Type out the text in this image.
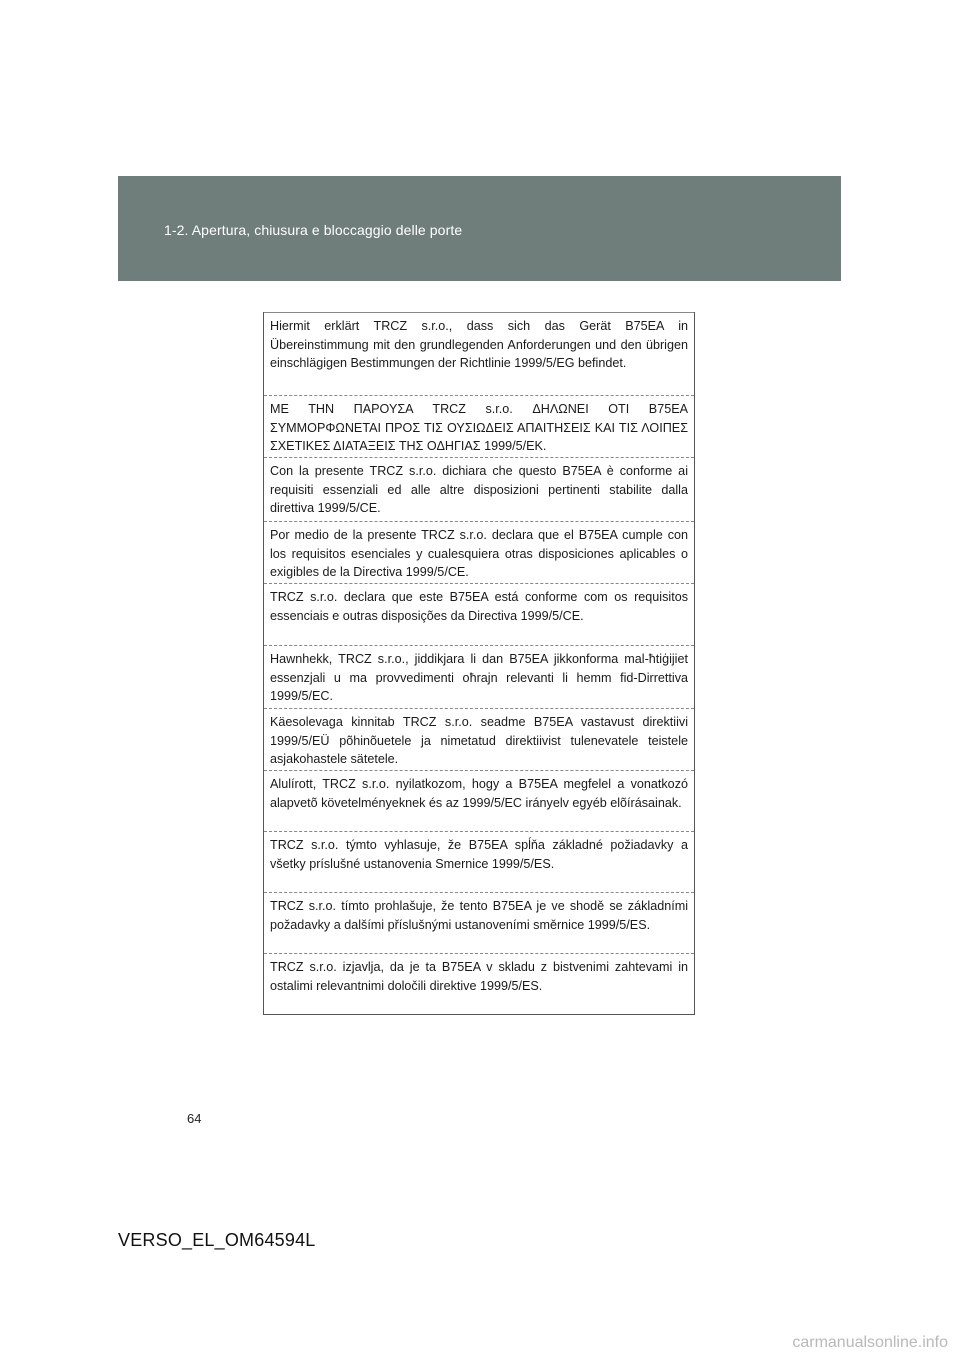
1-2. Apertura, chiusura e bloccaggio delle porte

Hiermit erklärt TRCZ s.r.o., dass sich das Gerät B75EA in Übereinstimmung mit den grundlegenden Anforderungen und den übrigen einschlägigen Bestimmungen der Richtlinie 1999/5/EG befindet.

ΜΕ ΤΗΝ ΠΑΡΟΥΣΑ TRCZ s.r.o. ΔΗΛΩΝΕΙ ΟΤΙ B75EA ΣΥΜΜΟΡΦΩΝΕΤΑΙ ΠΡΟΣ ΤΙΣ ΟΥΣΙΩΔΕΙΣ ΑΠΑΙΤΗΣΕΙΣ ΚΑΙ ΤΙΣ ΛΟΙΠΕΣ ΣΧΕΤΙΚΕΣ ΔΙΑΤΑΞΕΙΣ ΤΗΣ ΟΔΗΓΙΑΣ 1999/5/ΕΚ.

Con la presente TRCZ s.r.o. dichiara che questo B75EA è conforme ai requisiti essenziali ed alle altre disposizioni pertinenti stabilite dalla direttiva 1999/5/CE.

Por medio de la presente TRCZ s.r.o. declara que el B75EA cumple con los requisitos esenciales y cualesquiera otras disposiciones aplicables o exigibles de la Directiva 1999/5/CE.

TRCZ s.r.o. declara que este B75EA está conforme com os requisitos essenciais e outras disposições da Directiva 1999/5/CE.

Hawnhekk, TRCZ s.r.o., jiddikjara li dan B75EA jikkonforma mal-ħtiġijiet essenzjali u ma provvedimenti oħrajn relevanti li hemm fid-Dirrettiva 1999/5/EC.

Käesolevaga kinnitab TRCZ s.r.o. seadme B75EA vastavust direktiivi 1999/5/EÜ põhinõuetele ja nimetatud direktiivist tulenevatele teistele asjakohastele sätetele.

Alulírott, TRCZ s.r.o. nyilatkozom, hogy a B75EA megfelel a vonatkozó alapvetõ követelményeknek és az 1999/5/EC irányelv egyéb elõírásainak.

TRCZ s.r.o. týmto vyhlasuje, že B75EA spĺňa základné požiadavky a všetky príslušné ustanovenia Smernice 1999/5/ES.

TRCZ s.r.o. tímto prohlašuje, že tento B75EA je ve shodě se základními požadavky a dalšími příslušnými ustanoveními směrnice 1999/5/ES.

TRCZ s.r.o. izjavlja, da je ta B75EA v skladu z bistvenimi zahtevami in ostalimi relevantnimi določili direktive 1999/5/ES.

64
VERSO_EL_OM64594L
carmanualsonline.info
